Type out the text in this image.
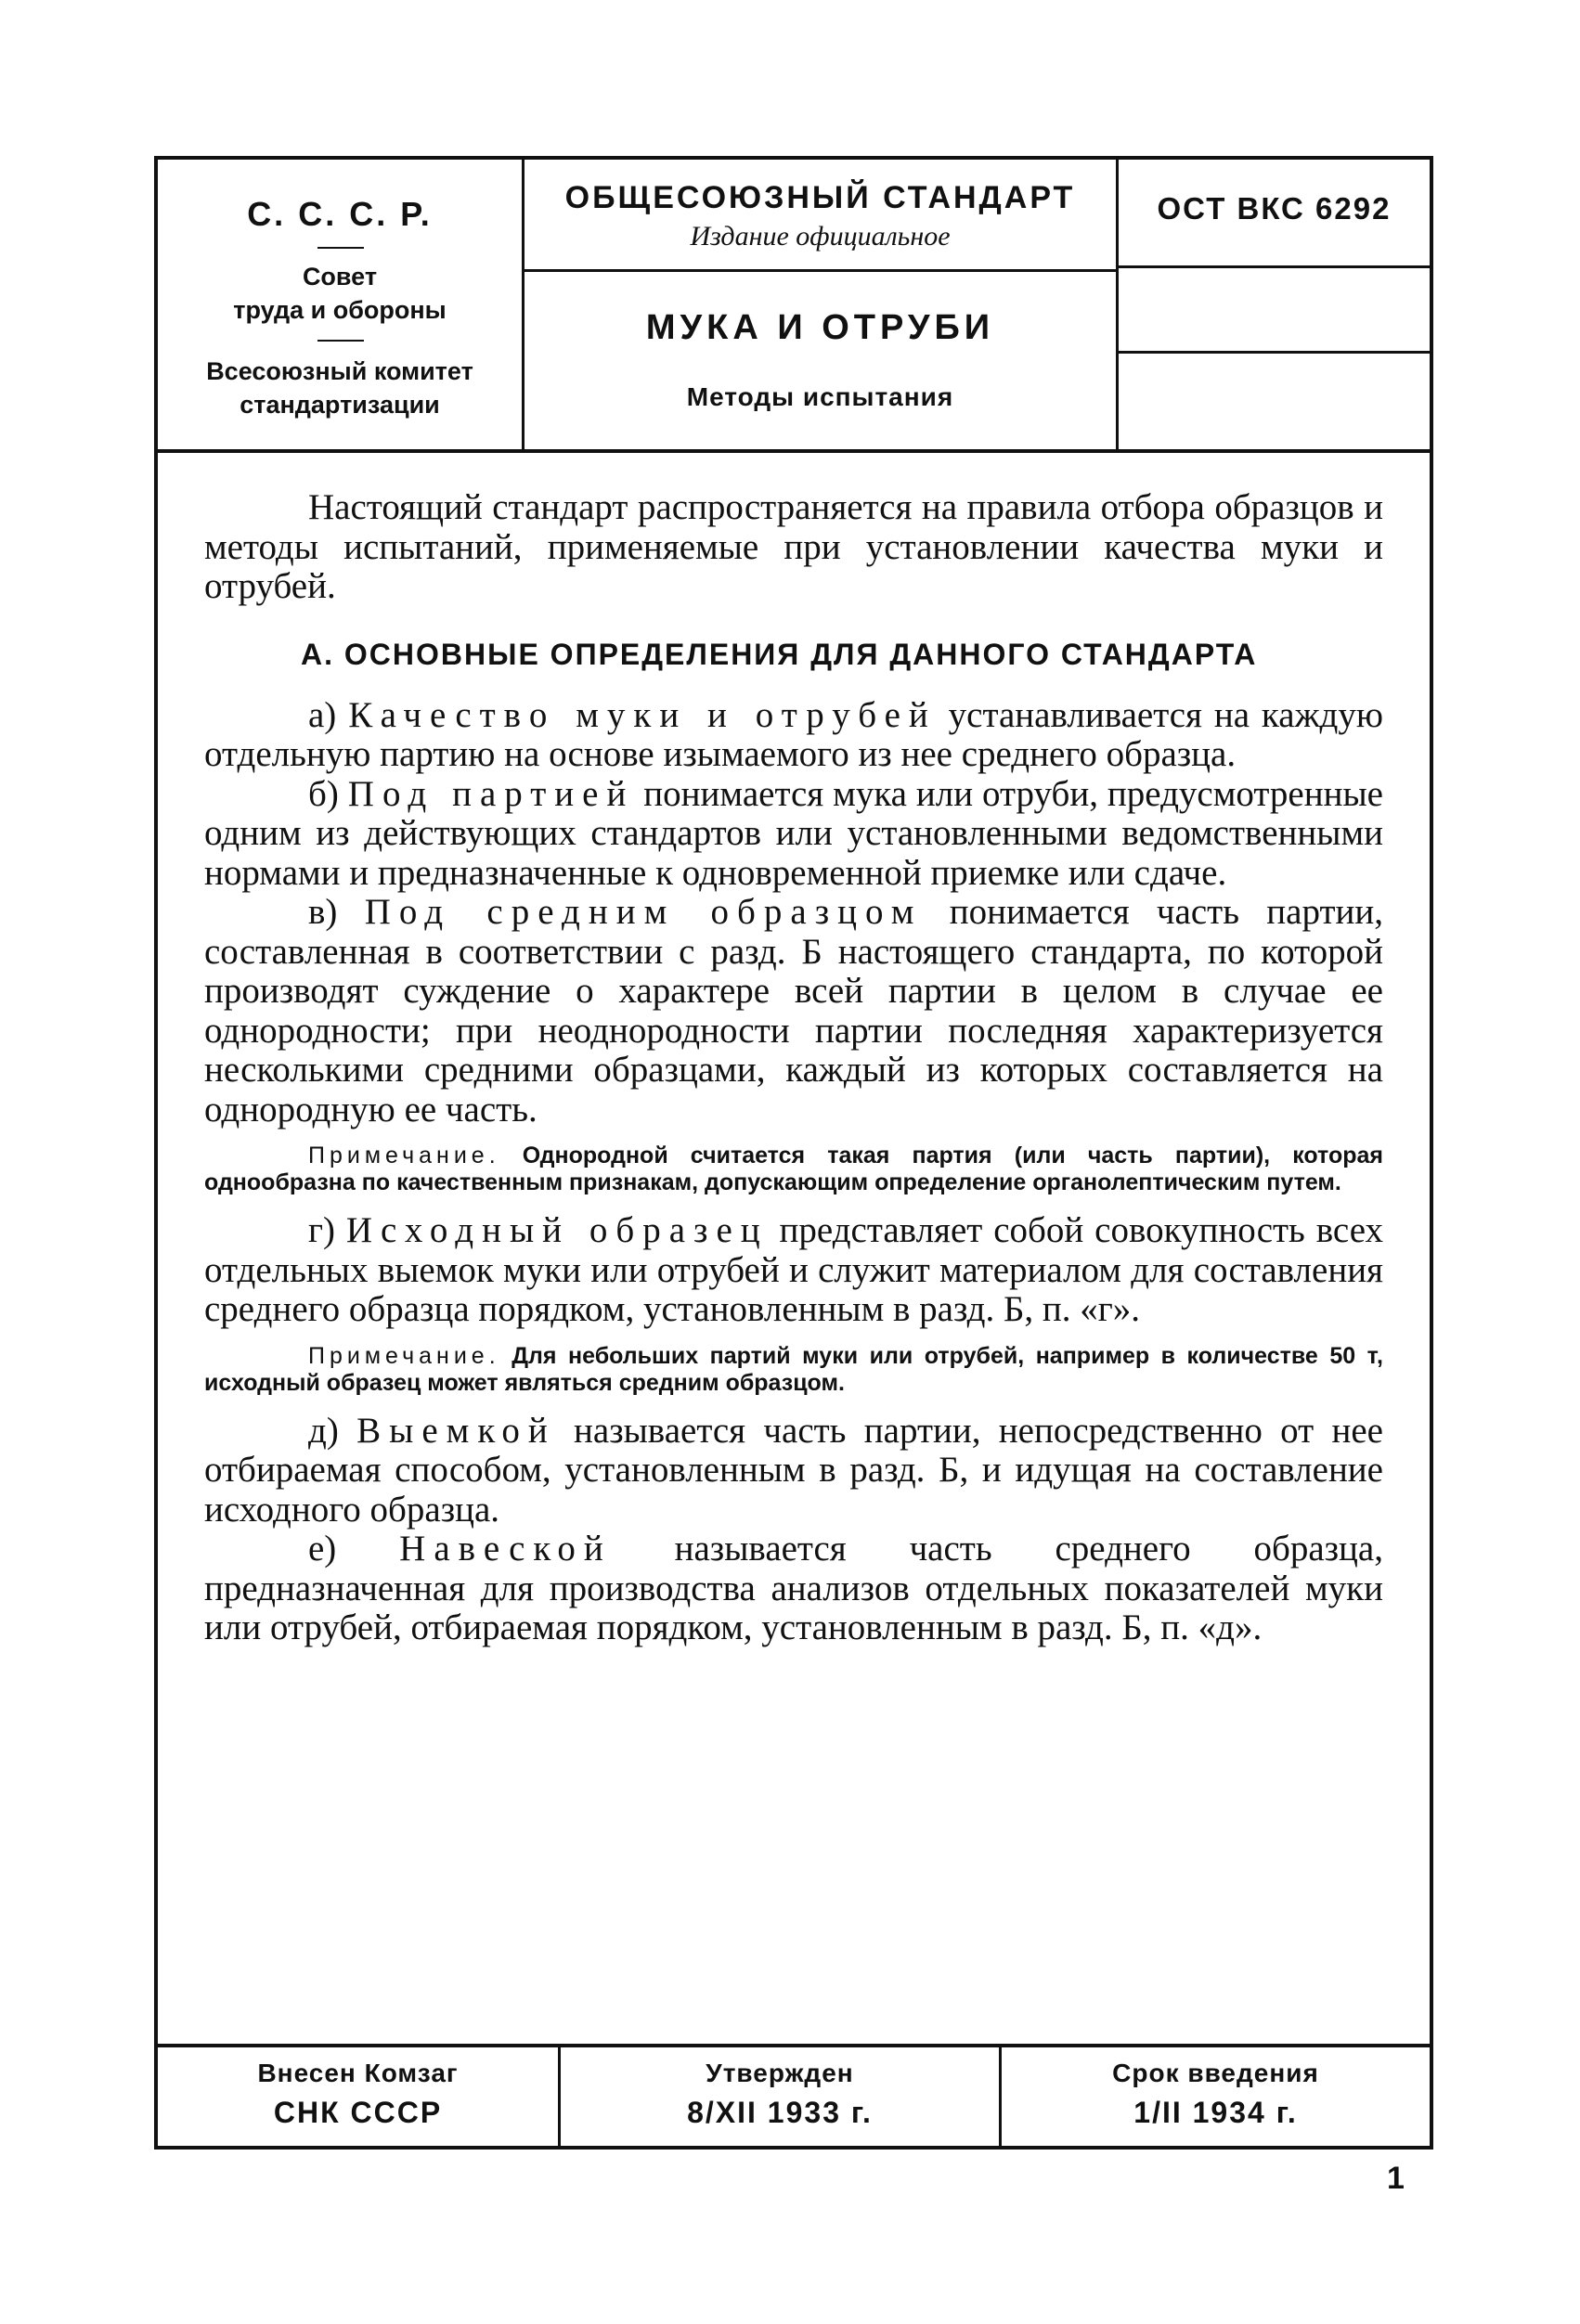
С. С. С. Р.
Совет
труда и обороны
Всесоюзный комитет
стандартизации
ОБЩЕСОЮЗНЫЙ СТАНДАРТ
Издание официальное
МУКА И ОТРУБИ
Методы испытания
ОСТ ВКС 6292

Настоящий стандарт распространяется на правила отбора образцов и методы испытаний, применяемые при установлении качества муки и отрубей.

А. ОСНОВНЫЕ ОПРЕДЕЛЕНИЯ ДЛЯ ДАННОГО СТАНДАРТА

а) Качество муки и отрубей устанавливается на каждую отдельную партию на основе изымаемого из нее среднего образца.

б) Под партией понимается мука или отруби, предусмотренные одним из действующих стандартов или установленными ведомственными нормами и предназначенные к одновременной приемке или сдаче.

в) Под средним образцом понимается часть партии, составленная в соответствии с разд. Б настоящего стандарта, по которой производят суждение о характере всей партии в целом в случае ее однородности; при неоднородности партии последняя характеризуется несколькими средними образцами, каждый из которых составляется на однородную ее часть.

Примечание. Однородной считается такая партия (или часть партии), которая однообразна по качественным признакам, допускающим определение органолептическим путем.

г) Исходный образец представляет собой совокупность всех отдельных выемок муки или отрубей и служит материалом для составления среднего образца порядком, установленным в разд. Б, п. «г».

Примечание. Для небольших партий муки или отрубей, например в количестве 50 т, исходный образец может являться средним образцом.

д) Выемкой называется часть партии, непосредственно от нее отбираемая способом, установленным в разд. Б, и идущая на составление исходного образца.

е) Навеской называется часть среднего образца, предназначенная для производства анализов отдельных показателей муки или отрубей, отбираемая порядком, установленным в разд. Б, п. «д».

Внесен Комзаг
СНК СССР
Утвержден
8/XII 1933 г.
Срок введения
1/II 1934 г.
1
